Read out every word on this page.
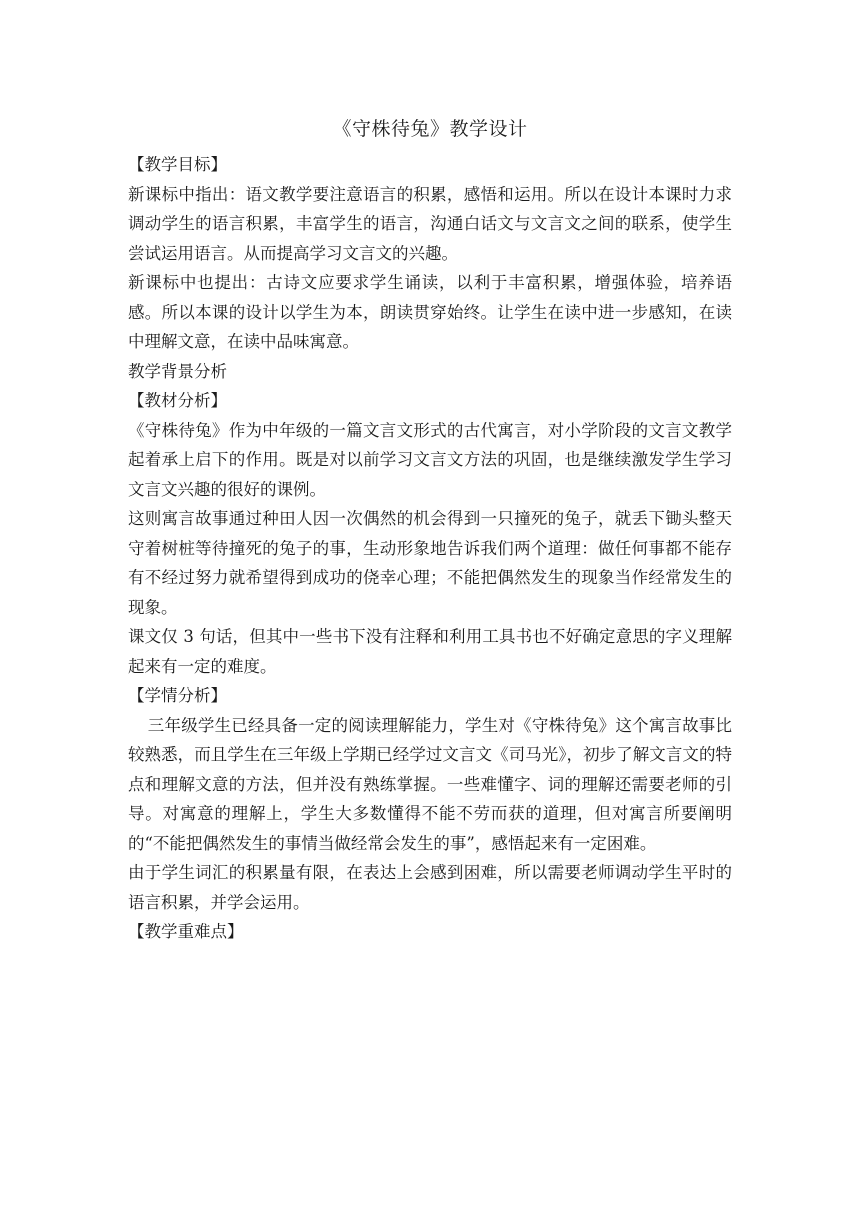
《守株待兔》教学设计

【教学目标】

新课标中指出：语文教学要注意语言的积累，感悟和运用。所以在设计本课时力求调动学生的语言积累，丰富学生的语言，沟通白话文与文言文之间的联系，使学生尝试运用语言。从而提高学习文言文的兴趣。

新课标中也提出：古诗文应要求学生诵读，以利于丰富积累，增强体验，培养语感。所以本课的设计以学生为本，朗读贯穿始终。让学生在读中进一步感知，在读中理解文意，在读中品味寓意。

教学背景分析

【教材分析】

《守株待兔》作为中年级的一篇文言文形式的古代寓言，对小学阶段的文言文教学起着承上启下的作用。既是对以前学习文言文方法的巩固，也是继续激发学生学习文言文兴趣的很好的课例。

这则寓言故事通过种田人因一次偶然的机会得到一只撞死的兔子，就丢下锄头整天守着树桩等待撞死的兔子的事，生动形象地告诉我们两个道理：做任何事都不能存有不经过努力就希望得到成功的侥幸心理；不能把偶然发生的现象当作经常发生的现象。

课文仅 3 句话，但其中一些书下没有注释和利用工具书也不好确定意思的字义理解起来有一定的难度。

【学情分析】

三年级学生已经具备一定的阅读理解能力，学生对《守株待兔》这个寓言故事比较熟悉，而且学生在三年级上学期已经学过文言文《司马光》，初步了解文言文的特点和理解文意的方法，但并没有熟练掌握。一些难懂字、词的理解还需要老师的引导。对寓意的理解上，学生大多数懂得不能不劳而获的道理，但对寓言所要阐明的“不能把偶然发生的事情当做经常会发生的事”，感悟起来有一定困难。

由于学生词汇的积累量有限，在表达上会感到困难，所以需要老师调动学生平时的语言积累，并学会运用。

【教学重难点】
